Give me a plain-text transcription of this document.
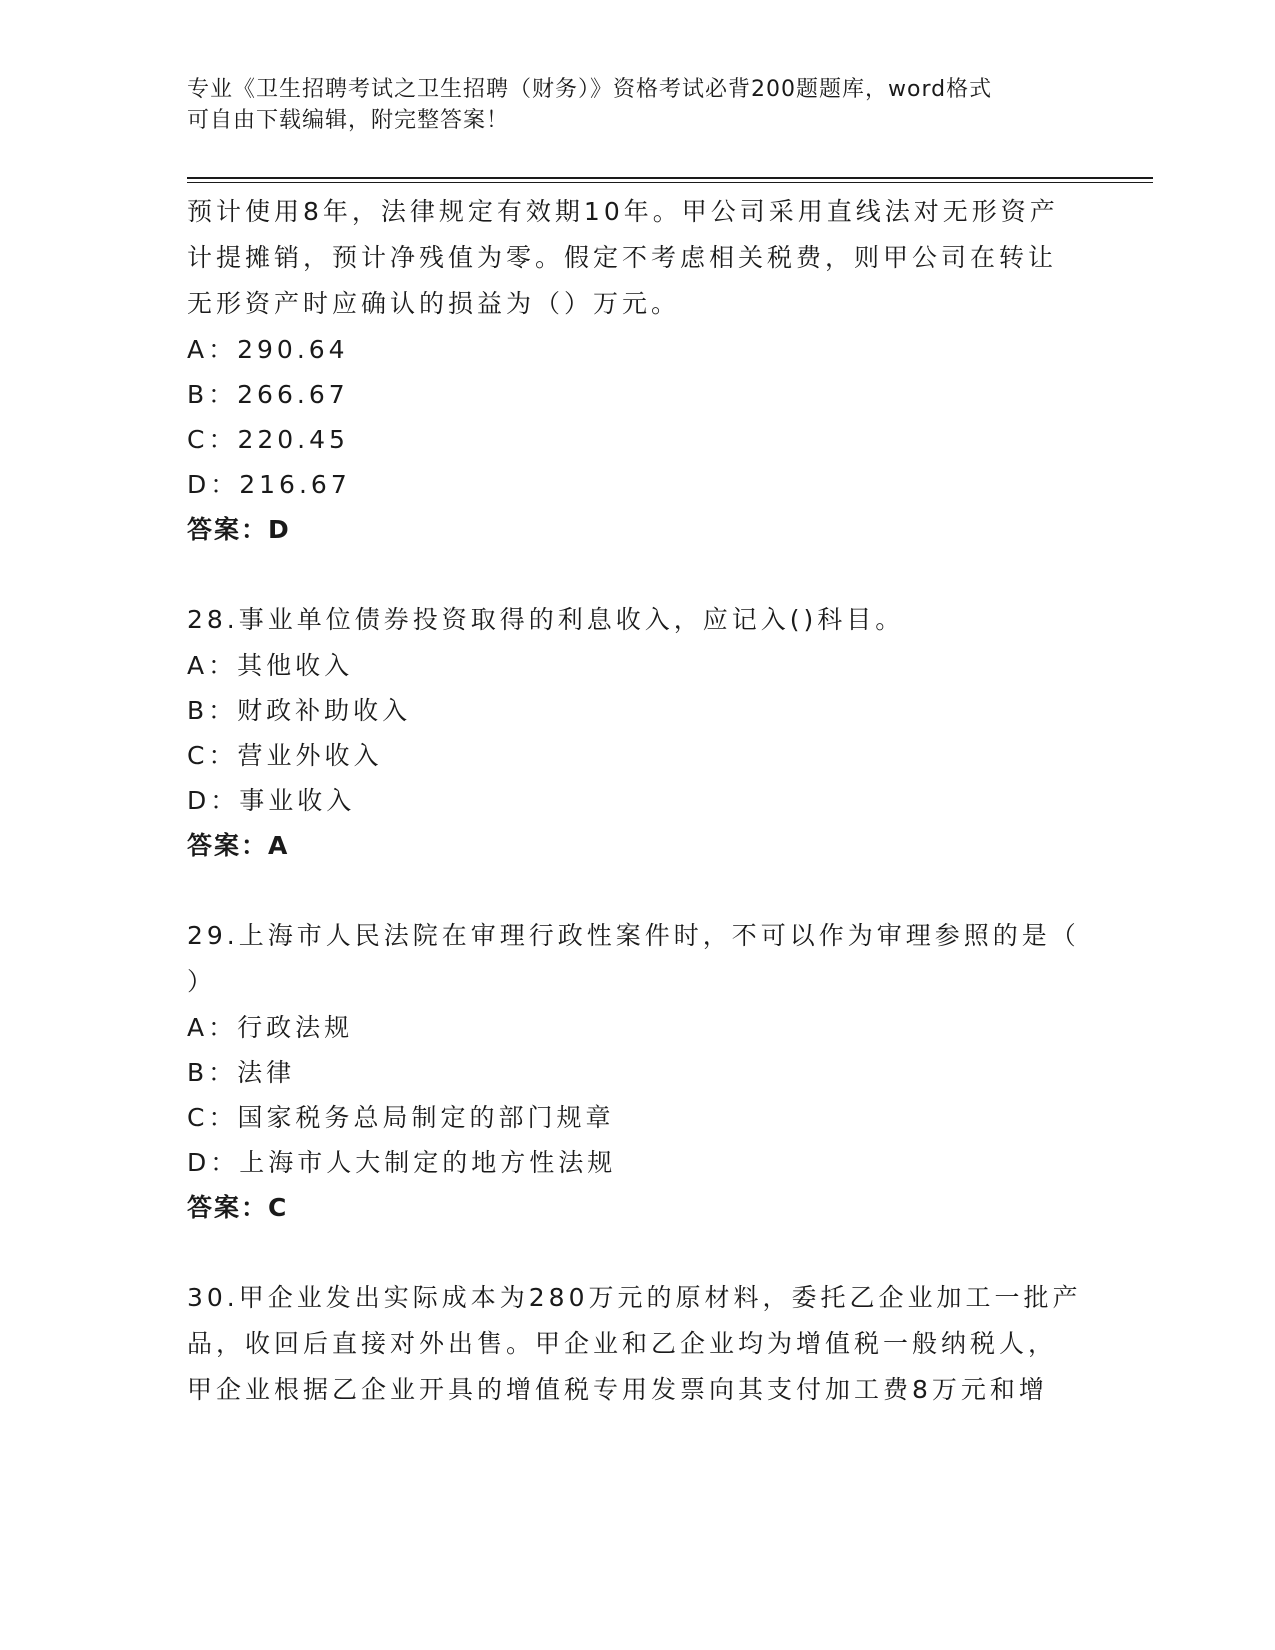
专业《卫生招聘考试之卫生招聘（财务）》资格考试必背200题题库，word格式
可自由下载编辑，附完整答案！
预计使用8年，法律规定有效期10年。甲公司采用直线法对无形资产
计提摊销，预计净残值为零。假定不考虑相关税费，则甲公司在转让
无形资产时应确认的损益为（）万元。
A：290.64
B：266.67
C：220.45
D：216.67
答案：D
28.事业单位债券投资取得的利息收入，应记入()科目。
A：其他收入
B：财政补助收入
C：营业外收入
D：事业收入
答案：A
29.上海市人民法院在审理行政性案件时，不可以作为审理参照的是（
）
A：行政法规
B：法律
C：国家税务总局制定的部门规章
D：上海市人大制定的地方性法规
答案：C
30.甲企业发出实际成本为280万元的原材料，委托乙企业加工一批产
品，收回后直接对外出售。甲企业和乙企业均为增值税一般纳税人，
甲企业根据乙企业开具的增值税专用发票向其支付加工费8万元和增
